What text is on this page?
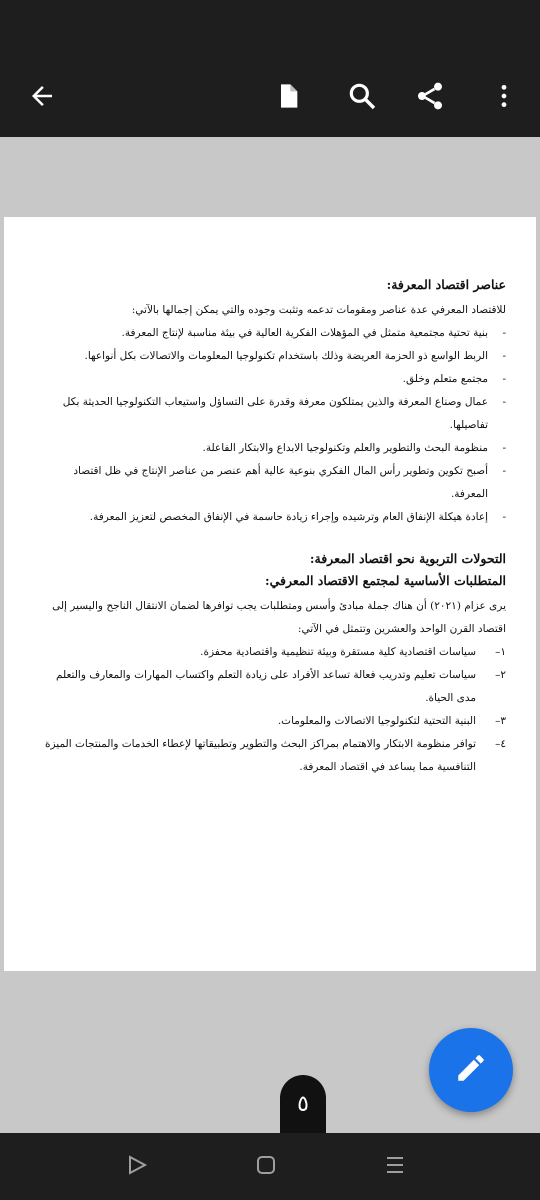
عناصر اقتصاد المعرفة:

للاقتصاد المعرفي عدة عناصر ومقومات تدعمه وتثبت وجوده والتي يمكن إجمالها بالآتي:

-
بنية تحتية مجتمعية متمثل في المؤهلات الفكرية العالية في بيئة مناسبة لإنتاج المعرفة.
-
الربط الواسع ذو الحزمة العريضة وذلك باستخدام تكنولوجيا المعلومات والاتصالات بكل أنواعها.
-
مجتمع متعلم وخلق.
-
عمال وصناع المعرفة والذين يمتلكون معرفة وقدرة على التساؤل واستيعاب التكنولوجيا الحديثة بكل تفاصيلها.
-
منظومة البحث والتطوير والعلم وتكنولوجيا الابداع والابتكار الفاعلة.
-
أصبح تكوين وتطوير رأس المال الفكري بنوعية عالية أهم عنصر من عناصر الإنتاج في ظل اقتصاد المعرفة.
-
إعادة هيكلة الإنفاق العام وترشيده وإجراء زيادة حاسمة في الإنفاق المخصص لتعزيز المعرفة.
التحولات التربوية نحو اقتصاد المعرفة:
المتطلبات الأساسية لمجتمع الاقتصاد المعرفي:

يرى عزام (٢٠٢١) أن هناك جملة مبادئ وأسس ومتطلبات يجب توافرها لضمان الانتقال الناجح واليسير إلى اقتصاد القرن الواحد والعشرين وتتمثل في الآتي:

١–
سياسات اقتصادية كلية مستقرة وبيئة تنظيمية واقتصادية محفزة.
٢–
سياسات تعليم وتدريب فعالة تساعد الأفراد على زيادة التعلم واكتساب المهارات والمعارف والتعلم مدى الحياة.
٣–
البنية التحتية لتكنولوجيا الاتصالات والمعلومات.
٤–
توافر منظومة الابتكار والاهتمام بمراكز البحث والتطوير وتطبيقاتها لإعطاء الخدمات والمنتجات الميزة التنافسية مما يساعد في اقتصاد المعرفة.
٥
